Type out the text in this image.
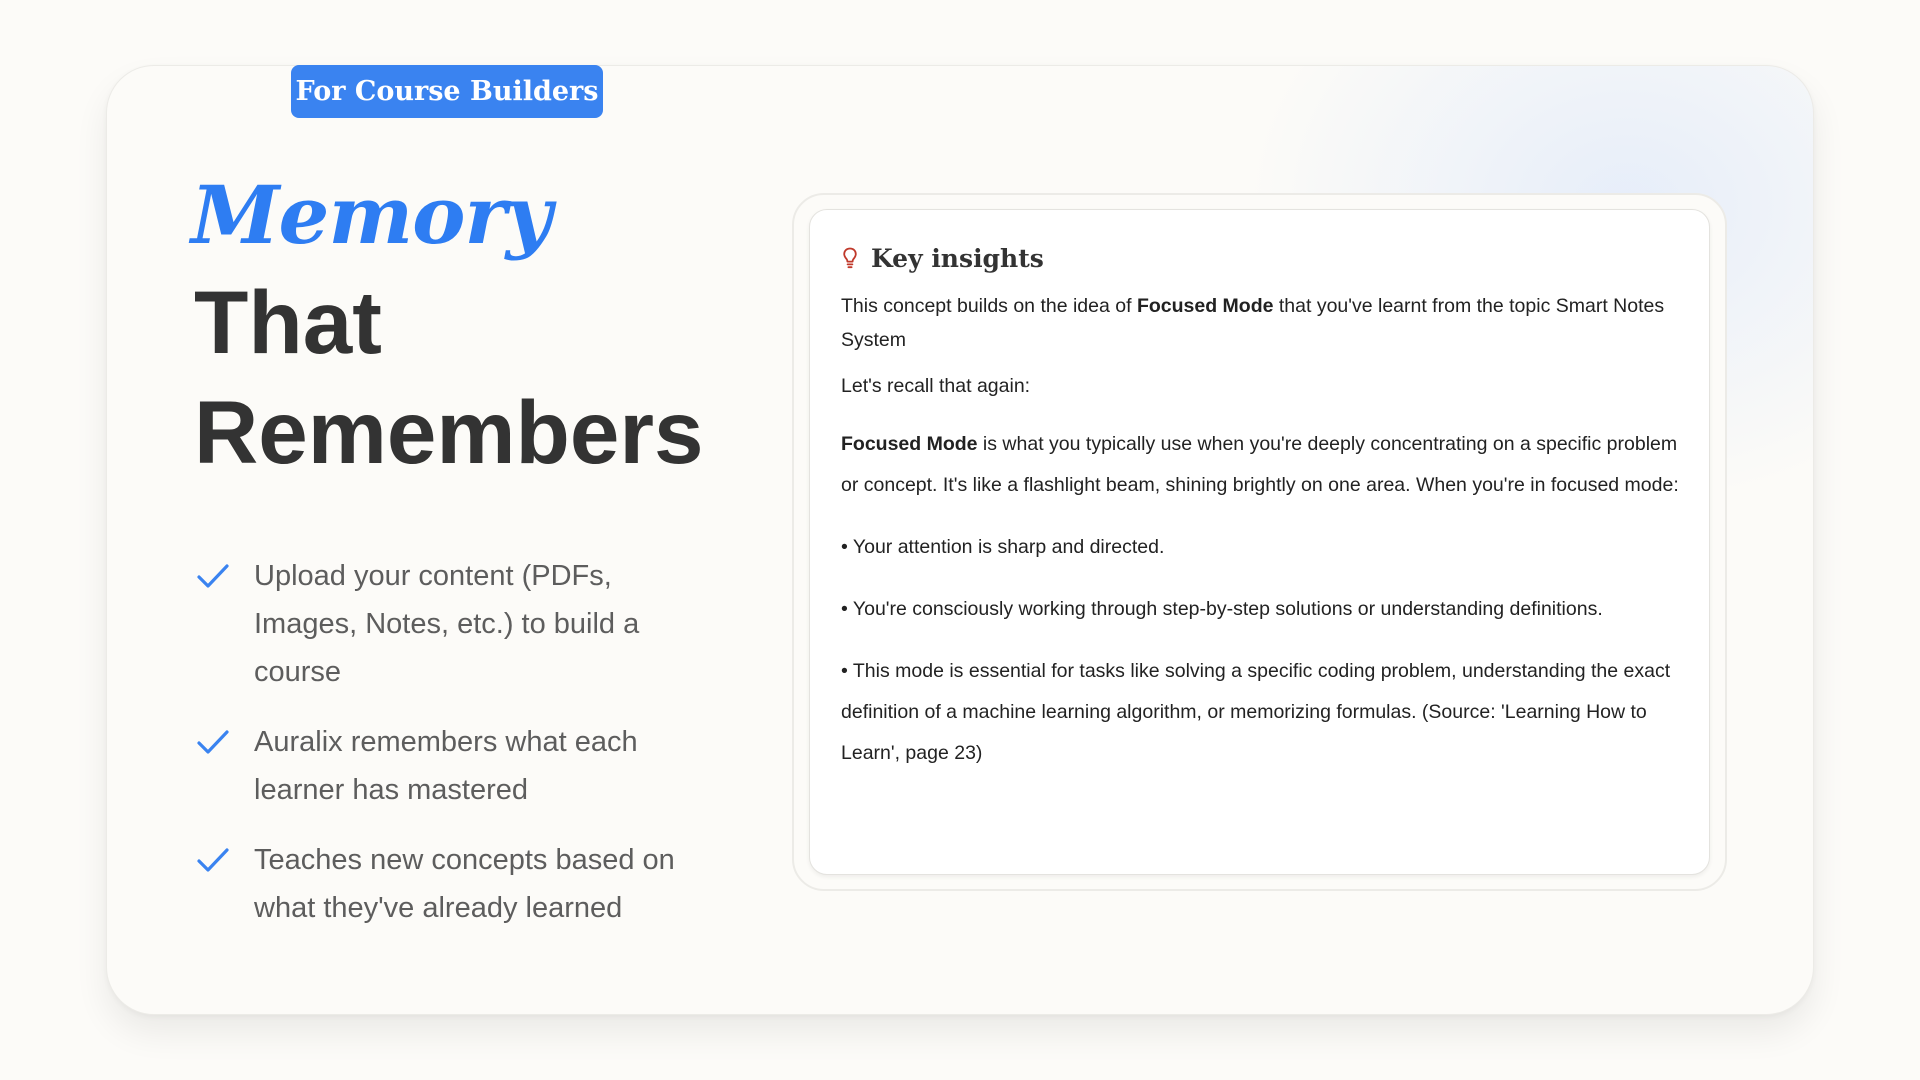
For Course Builders
Memory
That
Remembers
Upload your content (PDFs, Images, Notes, etc.) to build a course
Auralix remembers what each learner has mastered
Teaches new concepts based on what they've already learned
Key insights

This concept builds on the idea of Focused Mode that you've learnt from the topic Smart Notes System

Let's recall that again:

Focused Mode is what you typically use when you're deeply concentrating on a specific problem or concept. It's like a flashlight beam, shining brightly on one area. When you're in focused mode:

• Your attention is sharp and directed.

• You're consciously working through step-by-step solutions or understanding definitions.

• This mode is essential for tasks like solving a specific coding problem, understanding the exact definition of a machine learning algorithm, or memorizing formulas. (Source: 'Learning How to Learn', page 23)
